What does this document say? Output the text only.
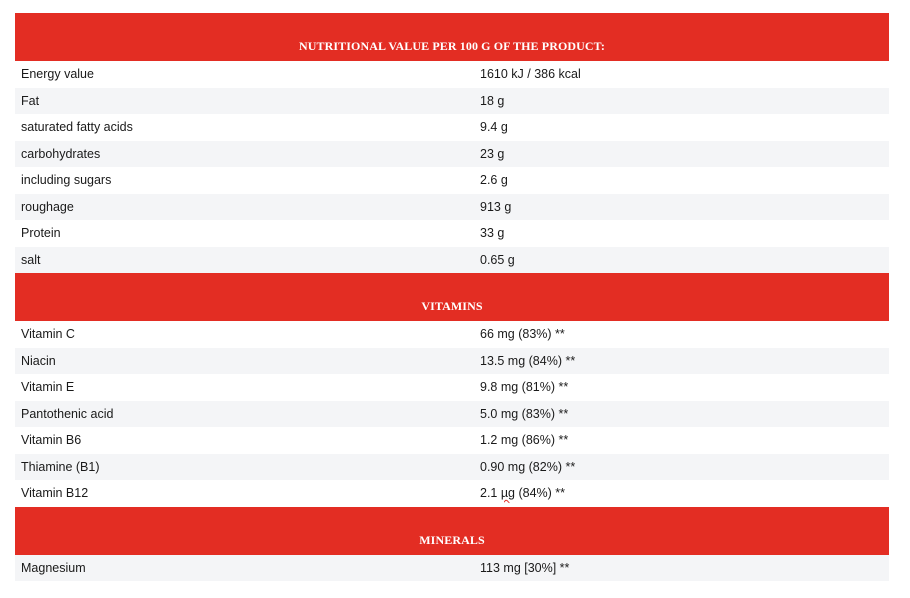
NUTRITIONAL VALUE PER 100 G OF THE PRODUCT:
Energy value	1610 kJ / 386 kcal
Fat	18 g
saturated fatty acids	9.4 g
carbohydrates	23 g
including sugars	2.6 g
roughage	913 g
Protein	33 g
salt	0.65 g
VITAMINS
Vitamin C	66 mg (83%) **
Niacin	13.5 mg (84%) **
Vitamin E	9.8 mg (81%) **
Pantothenic acid	5.0 mg (83%) **
Vitamin B6	1.2 mg (86%) **
Thiamine (B1)	0.90 mg (82%) **
Vitamin B12	2.1 µg (84%) **
MINERALS
Magnesium	113 mg [30%] **
